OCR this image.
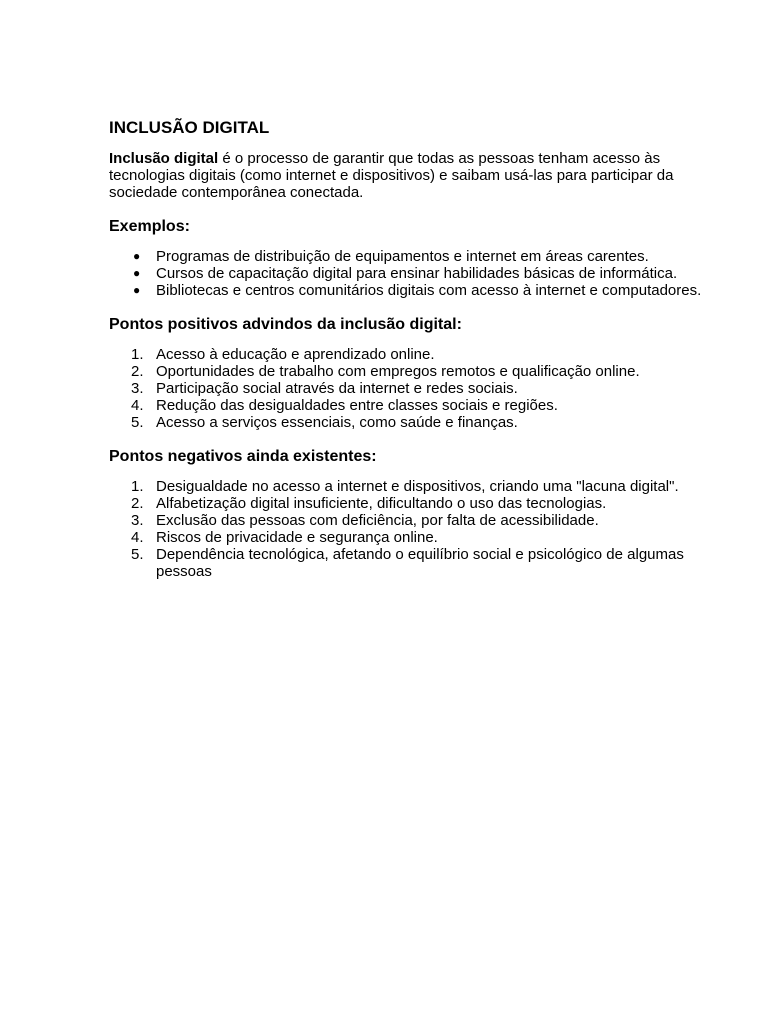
INCLUSÃO DIGITAL

Inclusão digital é o processo de garantir que todas as pessoas tenham acesso às tecnologias digitais (como internet e dispositivos) e saibam usá-las para participar da sociedade contemporânea conectada.

Exemplos:
● Programas de distribuição de equipamentos e internet em áreas carentes.
● Cursos de capacitação digital para ensinar habilidades básicas de informática.
● Bibliotecas e centros comunitários digitais com acesso à internet e computadores.
Pontos positivos advindos da inclusão digital:
1. Acesso à educação e aprendizado online.
2. Oportunidades de trabalho com empregos remotos e qualificação online.
3. Participação social através da internet e redes sociais.
4. Redução das desigualdades entre classes sociais e regiões.
5. Acesso a serviços essenciais, como saúde e finanças.
Pontos negativos ainda existentes:
1. Desigualdade no acesso a internet e dispositivos, criando uma "lacuna digital".
2. Alfabetização digital insuficiente, dificultando o uso das tecnologias.
3. Exclusão das pessoas com deficiência, por falta de acessibilidade.
4. Riscos de privacidade e segurança online.
5. Dependência tecnológica, afetando o equilíbrio social e psicológico de algumas pessoas
